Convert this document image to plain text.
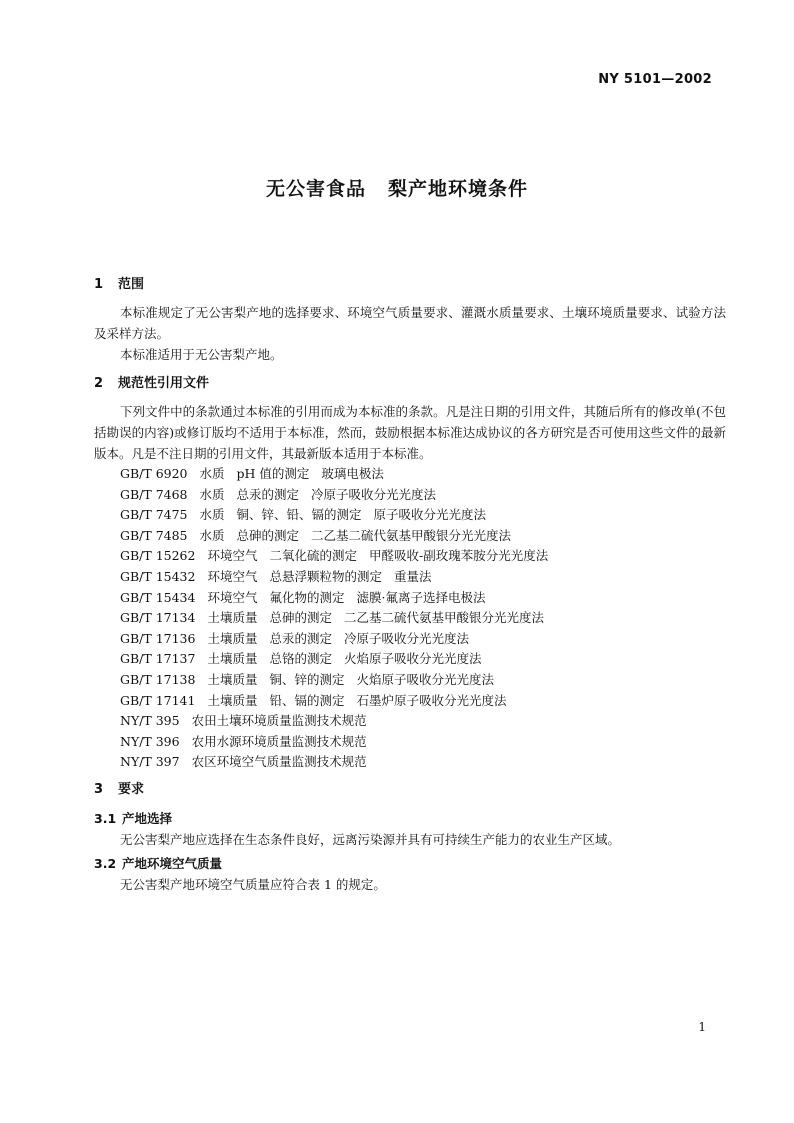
NY 5101—2002
无公害食品 梨产地环境条件
1 范围

本标准规定了无公害梨产地的选择要求、环境空气质量要求、灌溉水质量要求、土壤环境质量要求、试验方法及采样方法。

本标准适用于无公害梨产地。

2 规范性引用文件

下列文件中的条款通过本标准的引用而成为本标准的条款。凡是注日期的引用文件，其随后所有的修改单(不包括勘误的内容)或修订版均不适用于本标准，然而，鼓励根据本标准达成协议的各方研究是否可使用这些文件的最新版本。凡是不注日期的引用文件，其最新版本适用于本标准。

GB/T 6920 水质 pH 值的测定 玻璃电极法
GB/T 7468 水质 总汞的测定 冷原子吸收分光光度法
GB/T 7475 水质 铜、锌、铅、镉的测定 原子吸收分光光度法
GB/T 7485 水质 总砷的测定 二乙基二硫代氨基甲酸银分光光度法
GB/T 15262 环境空气 二氧化硫的测定 甲醛吸收-副玫瑰苯胺分光光度法
GB/T 15432 环境空气 总悬浮颗粒物的测定 重量法
GB/T 15434 环境空气 氟化物的测定 滤膜·氟离子选择电极法
GB/T 17134 土壤质量 总砷的测定 二乙基二硫代氨基甲酸银分光光度法
GB/T 17136 土壤质量 总汞的测定 冷原子吸收分光光度法
GB/T 17137 土壤质量 总铬的测定 火焰原子吸收分光光度法
GB/T 17138 土壤质量 铜、锌的测定 火焰原子吸收分光光度法
GB/T 17141 土壤质量 铅、镉的测定 石墨炉原子吸收分光光度法
NY/T 395 农田土壤环境质量监测技术规范
NY/T 396 农用水源环境质量监测技术规范
NY/T 397 农区环境空气质量监测技术规范
3 要求
3.1 产地选择

无公害梨产地应选择在生态条件良好，远离污染源并具有可持续生产能力的农业生产区域。

3.2 产地环境空气质量

无公害梨产地环境空气质量应符合表 1 的规定。

1
